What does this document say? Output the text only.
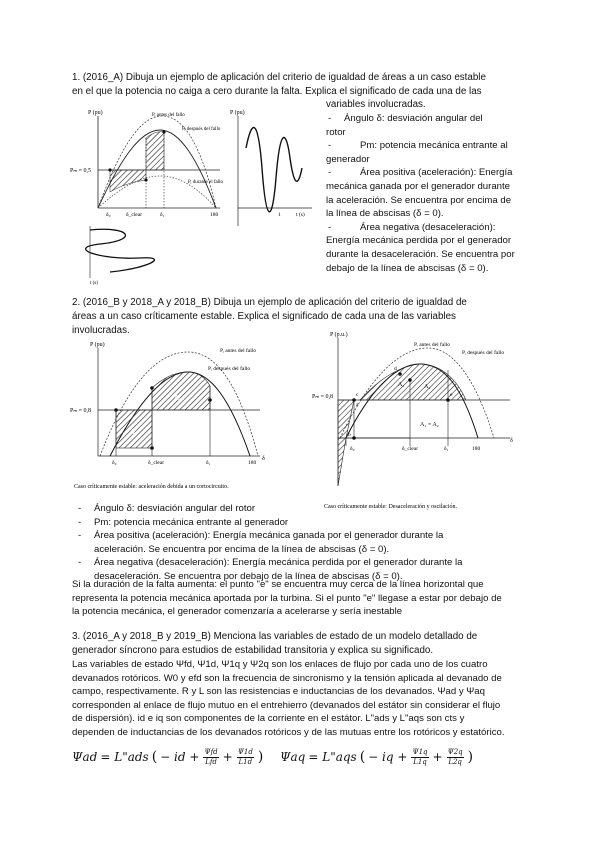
1. (2016_A) Dibuja un ejemplo de aplicación del criterio de igualdad de áreas a un caso estable
en el que la potencia no caiga a cero durante la falta. Explica el significado de cada una de las
variables involucradas.
P (pu)
Pₘ = 0,5
P, antes del fallo
P, después del fallo
P, durante el fallo
δ₀	δ_clear	δ₁	180
P (pu)
1	t (s)
t (s)
- Ángulo δ: desviación angular del
rotor
- Pm: potencia mecánica entrante al
generador
- Área positiva (aceleración): Energía
mecánica ganada por el generador durante
la aceleración. Se encuentra por encima de
la línea de abscisas (δ = 0).
- Área negativa (desaceleración):
Energía mecánica perdida por el generador
durante la desaceleración. Se encuentra por
debajo de la línea de abscisas (δ = 0).
2. (2016_B y 2018_A y 2018_B) Dibuja un ejemplo de aplicación del criterio de igualdad de
áreas a un caso críticamente estable. Explica el significado de cada una de las variables
involucradas.
P (pu)
Pₘ = 0,8
A₁
A₂
P, antes del fallo
P, después del fallo
δ₀	δ_clear	δ₁	180
δ
Caso críticamente estable: aceleración debida a un cortocircuito.
P (p.u.)
Pₘ = 0,8
a
b
c
d
e
A₁	A₂
A₁ = A₂
P, antes del fallo
P, después del fallo
δ₀	δ_clear	δ₁	180
δ
Caso críticamente estable: Desaceleración y oscilación.
- Ángulo δ: desviación angular del rotor
- Pm: potencia mecánica entrante al generador
- Área positiva (aceleración): Energía mecánica ganada por el generador durante la
aceleración. Se encuentra por encima de la línea de abscisas (δ = 0).
- Área negativa (desaceleración): Energía mecánica perdida por el generador durante la
desaceleración. Se encuentra por debajo de la línea de abscisas (δ = 0).
Si la duración de la falta aumenta: el punto "e" se encuentra muy cerca de la línea horizontal que
representa la potencia mecánica aportada por la turbina. Si el punto "e" llegase a estar por debajo de
la potencia mecánica, el generador comenzaría a acelerarse y sería inestable
3. (2016_A y 2018_B y 2019_B) Menciona las variables de estado de un modelo detallado de
generador síncrono para estudios de estabilidad transitoria y explica su significado.
Las variables de estado Ψfd, Ψ1d, Ψ1q y Ψ2q son los enlaces de flujo por cada uno de los cuatro
devanados rotóricos. W0 y efd son la frecuencia de sincronismo y la tensión aplicada al devanado de
campo, respectivamente. R y L son las resistencias e inductancias de los devanados. Ψad y Ψaq
corresponden al enlace de flujo mutuo en el entrehierro (devanados del estátor sin considerar el flujo
de dispersión). id e iq son componentes de la corriente en el estátor. L"ads y L"aqs son cts y
dependen de inductancias de los devanados rotóricos y de las mutuas entre los rotóricos y estatórico.
Ψad = L"ads ( − id + $\frac{\text{Ψfd}}{\text{Lfd}} + \frac{\Psi 1d}{L1d}$ ) Ψaq = L"aqs ( − iq + $\frac{\Psi 1q}{L1q} + \frac{\Psi 2q}{L2q}$ )
